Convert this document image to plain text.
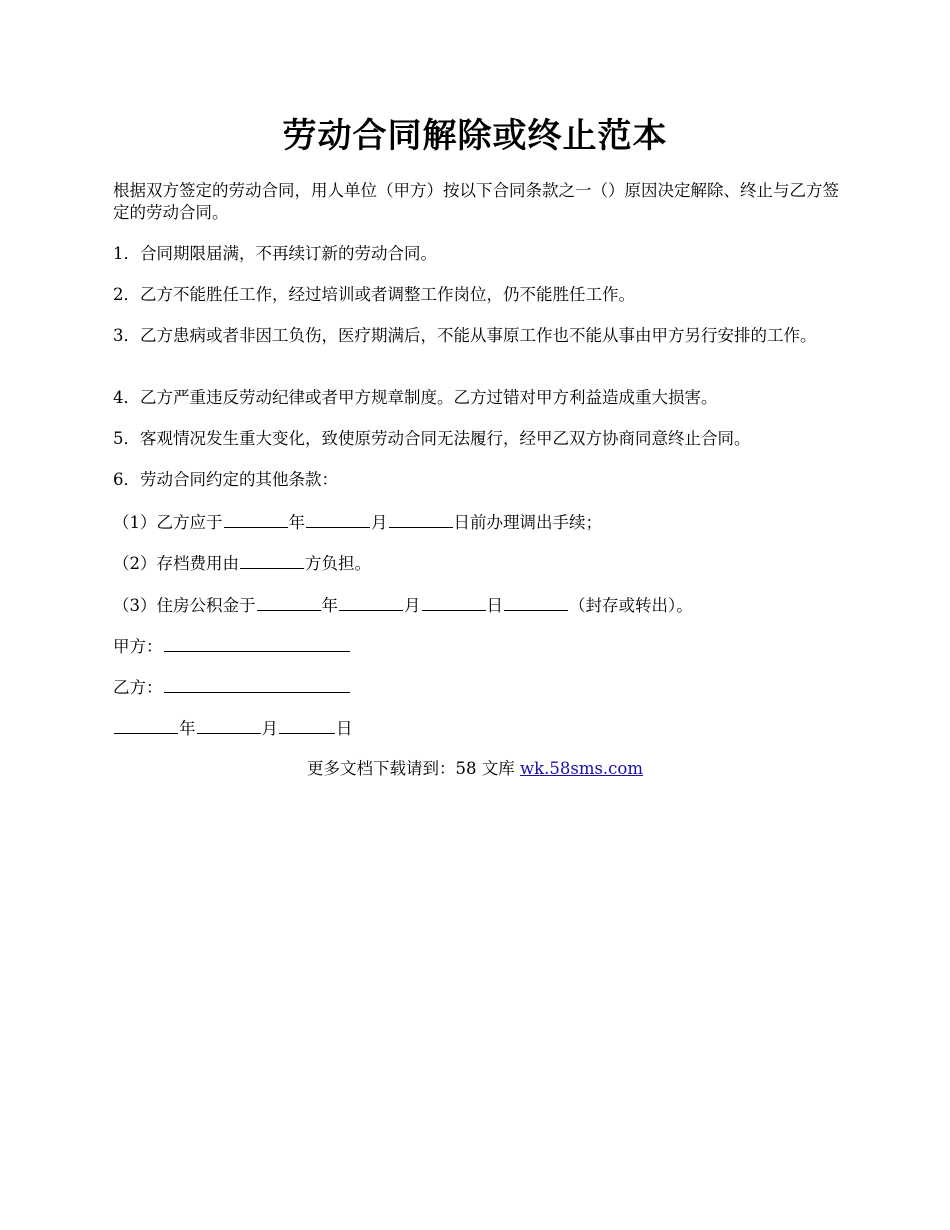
劳动合同解除或终止范本
根据双方签定的劳动合同，用人单位（甲方）按以下合同条款之一（）原因决定解除、终止与乙方签定的劳动合同。
1．合同期限届满，不再续订新的劳动合同。
2．乙方不能胜任工作，经过培训或者调整工作岗位，仍不能胜任工作。
3．乙方患病或者非因工负伤，医疗期满后，不能从事原工作也不能从事由甲方另行安排的工作。
4．乙方严重违反劳动纪律或者甲方规章制度。乙方过错对甲方利益造成重大损害。
5．客观情况发生重大变化，致使原劳动合同无法履行，经甲乙双方协商同意终止合同。
6．劳动合同约定的其他条款：
（1）乙方应于	年	月	日前办理调出手续；
（2）存档费用由	方负担。
（3）住房公积金于	年	月	日	（封存或转出）。
甲方：
乙方：
年	月	日
更多文档下载请到：58 文库 wk.58sms.com
